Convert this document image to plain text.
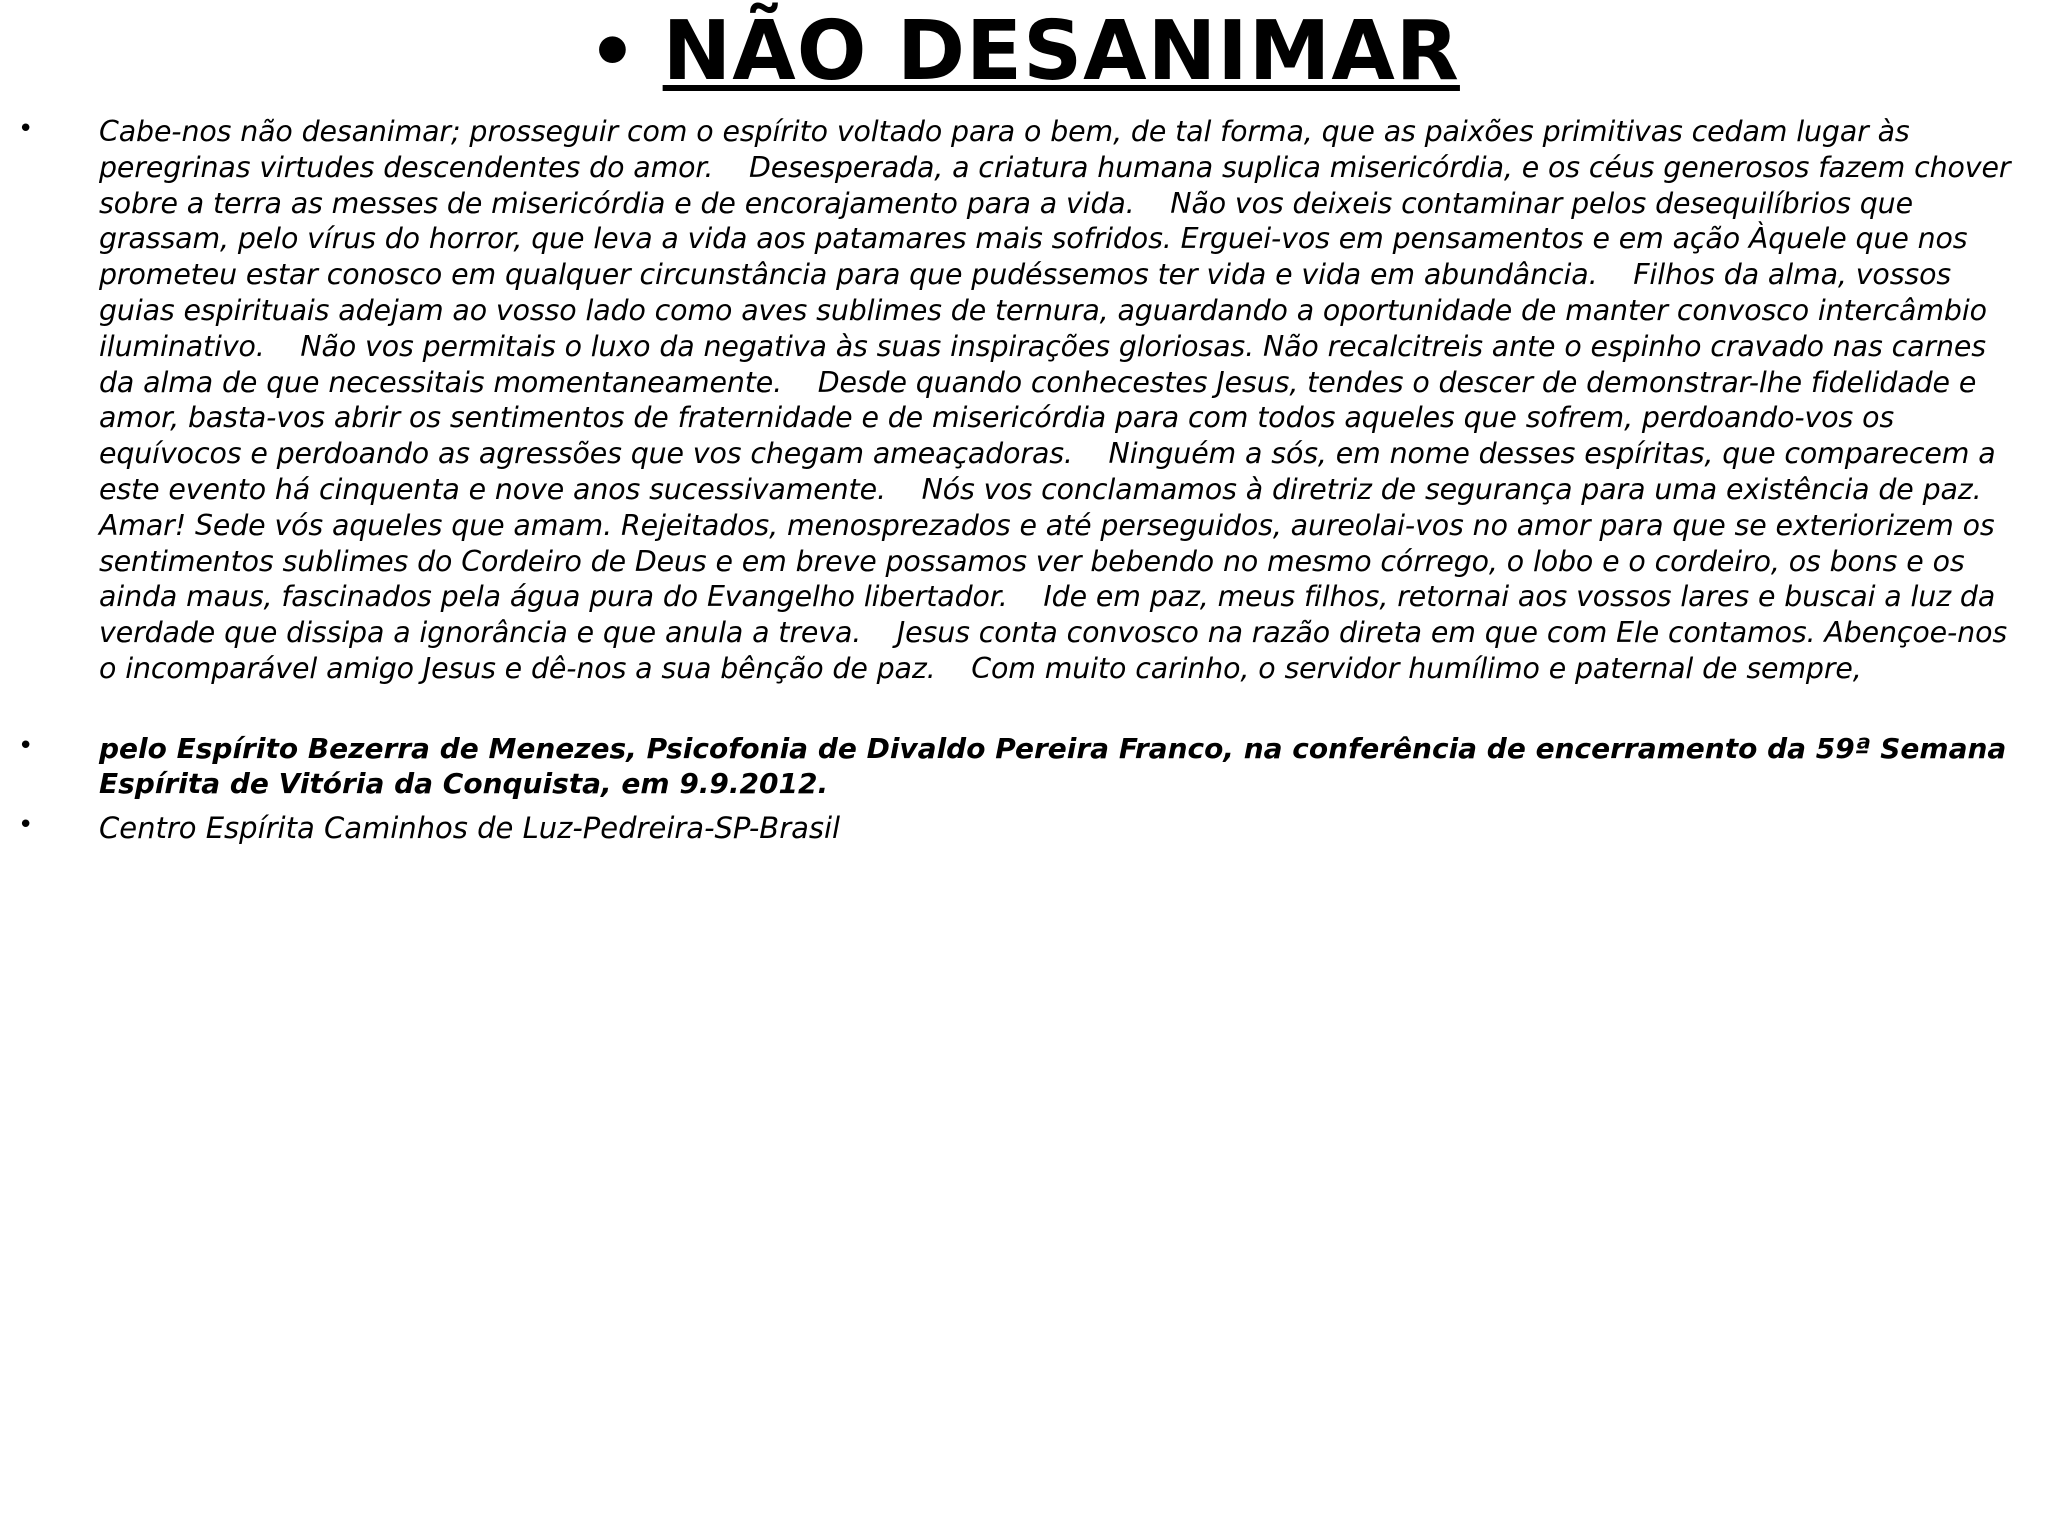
• NÃO DESANIMAR
• Cabe-nos não desanimar; prosseguir com o espírito voltado para o bem, de tal forma, que as paixões primitivas cedam lugar às peregrinas virtudes descendentes do amor.    Desesperada, a criatura humana suplica misericórdia, e os céus generosos fazem chover sobre a terra as messes de misericórdia e de encorajamento para a vida.    Não vos deixeis contaminar pelos desequilíbrios que grassam, pelo vírus do horror, que leva a vida aos patamares mais sofridos. Erguei-vos em pensamentos e em ação Àquele que nos prometeu estar conosco em qualquer circunstância para que pudéssemos ter vida e vida em abundância.    Filhos da alma, vossos guias espirituais adejam ao vosso lado como aves sublimes de ternura, aguardando a oportunidade de manter convosco intercâmbio iluminativo.    Não vos permitais o luxo da negativa às suas inspirações gloriosas. Não recalcitreis ante o espinho cravado nas carnes da alma de que necessitais momentaneamente.    Desde quando conhecestes Jesus, tendes o descer de demonstrar-lhe fidelidade e amor, basta-vos abrir os sentimentos de fraternidade e de misericórdia para com todos aqueles que sofrem, perdoando-vos os equívocos e perdoando as agressões que vos chegam ameaçadoras.    Ninguém a sós, em nome desses espíritas, que comparecem a este evento há cinquenta e nove anos sucessivamente.    Nós vos conclamamos à diretriz de segurança para uma existência de paz. Amar! Sede vós aqueles que amam. Rejeitados, menosprezados e até perseguidos, aureolai-vos no amor para que se exteriorizem os sentimentos sublimes do Cordeiro de Deus e em breve possamos ver bebendo no mesmo córrego, o lobo e o cordeiro, os bons e os ainda maus, fascinados pela água pura do Evangelho libertador.    Ide em paz, meus filhos, retornai aos vossos lares e buscai a luz da verdade que dissipa a ignorância e que anula a treva.    Jesus conta convosco na razão direta em que com Ele contamos. Abençoe-nos o incomparável amigo Jesus e dê-nos a sua bênção de paz.    Com muito carinho, o servidor humílimo e paternal de sempre,
• pelo Espírito Bezerra de Menezes, Psicofonia de Divaldo Pereira Franco, na conferência de encerramento da 59ª Semana Espírita de Vitória da Conquista, em 9.9.2012.
• Centro Espírita Caminhos de Luz-Pedreira-SP-Brasil
